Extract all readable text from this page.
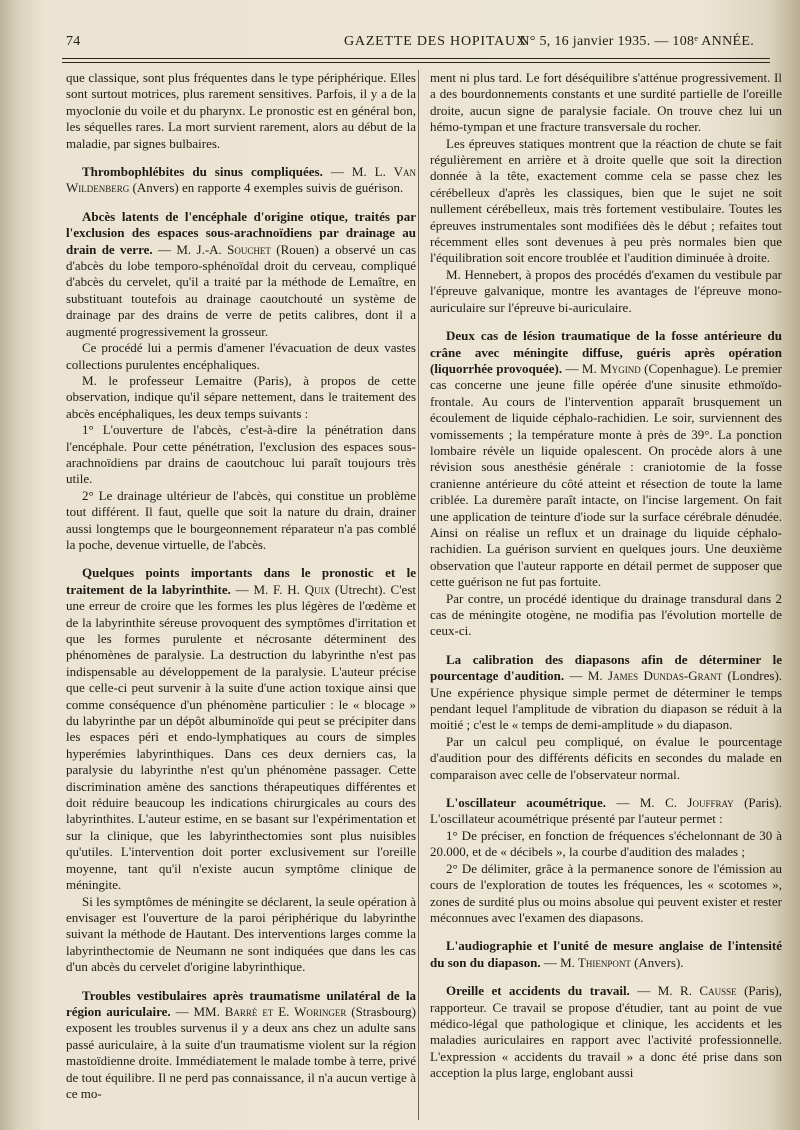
74	GAZETTE DES HOPITAUX
N° 5, 16 janvier 1935. — 108ᵉ ANNÉE.

que classique, sont plus fréquentes dans le type périphérique. Elles sont surtout motrices, plus rarement sensitives. Parfois, il y a de la myoclonie du voile et du pharynx. Le pronostic est en général bon, les séquelles rares. La mort survient rarement, alors au début de la maladie, par signes bulbaires.

Thrombophlébites du sinus compliquées. — M. L. Van Wildenberg (Anvers) en rapporte 4 exemples suivis de guérison.

Abcès latents de l'encéphale d'origine otique, traités par l'exclusion des espaces sous-arachnoïdiens par drainage au drain de verre. — M. J.-A. Souchet (Rouen) a observé un cas d'abcès du lobe temporo-sphénoïdal droit du cerveau, compliqué d'abcès du cervelet, qu'il a traité par la méthode de Lemaître, en substituant toutefois au drainage caoutchouté un système de drainage par des drains de verre de petits calibres, dont il a augmenté progressivement la grosseur.

Ce procédé lui a permis d'amener l'évacuation de deux vastes collections purulentes encéphaliques.

M. le professeur Lemaitre (Paris), à propos de cette observation, indique qu'il sépare nettement, dans le traitement des abcès encéphaliques, les deux temps suivants :

1° L'ouverture de l'abcès, c'est-à-dire la pénétration dans l'encéphale. Pour cette pénétration, l'exclusion des espaces sous-arachnoïdiens par drains de caoutchouc lui paraît toujours très utile.

2° Le drainage ultérieur de l'abcès, qui constitue un problème tout différent. Il faut, quelle que soit la nature du drain, drainer aussi longtemps que le bourgeonnement réparateur n'a pas comblé la poche, devenue virtuelle, de l'abcès.

Quelques points importants dans le pronostic et le traitement de la labyrinthite. — M. F. H. Quix (Utrecht). C'est une erreur de croire que les formes les plus légères de l'œdème et de la labyrinthite séreuse provoquent des symptômes d'irritation et que les formes purulente et nécrosante déterminent des phénomènes de paralysie. La destruction du labyrinthe n'est pas indispensable au développement de la paralysie. L'auteur précise que celle-ci peut survenir à la suite d'une action toxique ainsi que comme conséquence d'un phénomène particulier : le « blocage » du labyrinthe par un dépôt albuminoïde qui peut se précipiter dans les espaces péri et endo-lymphatiques au cours de simples hyperémies labyrinthiques. Dans ces deux derniers cas, la paralysie du labyrinthe n'est qu'un phénomène passager. Cette discrimination amène des sanctions thérapeutiques différentes et doit réduire beaucoup les indications chirurgicales au cours des labyrinthites. L'auteur estime, en se basant sur l'expérimentation et sur la clinique, que les labyrinthectomies sont plus nuisibles qu'utiles. L'intervention doit porter exclusivement sur l'oreille moyenne, tant qu'il n'existe aucun symptôme clinique de méningite.

Si les symptômes de méningite se déclarent, la seule opération à envisager est l'ouverture de la paroi périphérique du labyrinthe suivant la méthode de Hautant. Des interventions larges comme la labyrinthectomie de Neumann ne sont indiquées que dans les cas d'un abcès du cervelet d'origine labyrinthique.

Troubles vestibulaires après traumatisme unilatéral de la région auriculaire. — MM. Barré et E. Woringer (Strasbourg) exposent les troubles survenus il y a deux ans chez un adulte sans passé auriculaire, à la suite d'un traumatisme violent sur la région mastoïdienne droite. Immédiatement le malade tombe à terre, privé de tout équilibre. Il ne perd pas connaissance, il n'a aucun vertige à ce mo-

ment ni plus tard. Le fort déséquilibre s'atténue progressivement. Il a des bourdonnements constants et une surdité partielle de l'oreille droite, aucun signe de paralysie faciale. On trouve chez lui un hémo-tympan et une fracture transversale du rocher.

Les épreuves statiques montrent que la réaction de chute se fait régulièrement en arrière et à droite quelle que soit la direction donnée à la tête, exactement comme cela se passe chez les cérébelleux d'après les classiques, bien que le sujet ne soit nullement cérébelleux, mais très fortement vestibulaire. Toutes les épreuves instrumentales sont modifiées dès le début ; refaites tout récemment elles sont devenues à peu près normales bien que l'équilibration soit encore troublée et l'audition diminuée à droite.

M. Hennebert, à propos des procédés d'examen du vestibule par l'épreuve galvanique, montre les avantages de l'épreuve mono-auriculaire sur l'épreuve bi-auriculaire.

Deux cas de lésion traumatique de la fosse antérieure du crâne avec méningite diffuse, guéris après opération (liquorrhée provoquée). — M. Mygind (Copenhague). Le premier cas concerne une jeune fille opérée d'une sinusite ethmoïdo-frontale. Au cours de l'intervention apparaît brusquement un écoulement de liquide céphalo-rachidien. Le soir, surviennent des vomissements ; la température monte à près de 39°. La ponction lombaire révèle un liquide opalescent. On procède alors à une révision sous anesthésie générale : craniotomie de la fosse cranienne antérieure du côté atteint et résection de toute la lame criblée. La duremère paraît intacte, on l'incise largement. On fait une application de teinture d'iode sur la surface cérébrale dénudée. Ainsi on réalise un reflux et un drainage du liquide céphalo-rachidien. La guérison survient en quelques jours. Une deuxième observation que l'auteur rapporte en détail permet de supposer que cette guérison ne fut pas fortuite.

Par contre, un procédé identique du drainage transdural dans 2 cas de méningite otogène, ne modifia pas l'évolution mortelle de ceux-ci.

La calibration des diapasons afin de déterminer le pourcentage d'audition. — M. James Dundas-Grant (Londres). Une expérience physique simple permet de déterminer le temps pendant lequel l'amplitude de vibration du diapason se réduit à la moitié ; c'est le « temps de demi-amplitude » du diapason.

Par un calcul peu compliqué, on évalue le pourcentage d'audition pour des différents déficits en secondes du malade en comparaison avec celle de l'observateur normal.

L'oscillateur acoumétrique. — M. C. Jouffray (Paris). L'oscillateur acoumétrique présenté par l'auteur permet :

1° De préciser, en fonction de fréquences s'échelonnant de 30 à 20.000, et de « décibels », la courbe d'audition des malades ;

2° De délimiter, grâce à la permanence sonore de l'émission au cours de l'exploration de toutes les fréquences, les « scotomes », zones de surdité plus ou moins absolue qui peuvent exister et rester méconnues avec l'examen des diapasons.

L'audiographie et l'unité de mesure anglaise de l'intensité du son du diapason. — M. Thienpont (Anvers).

Oreille et accidents du travail. — M. R. Causse (Paris), rapporteur. Ce travail se propose d'étudier, tant au point de vue médico-légal que pathologique et clinique, les accidents et les maladies auriculaires en rapport avec l'activité professionnelle. L'expression « accidents du travail » a donc été prise dans son acception la plus large, englobant aussi
